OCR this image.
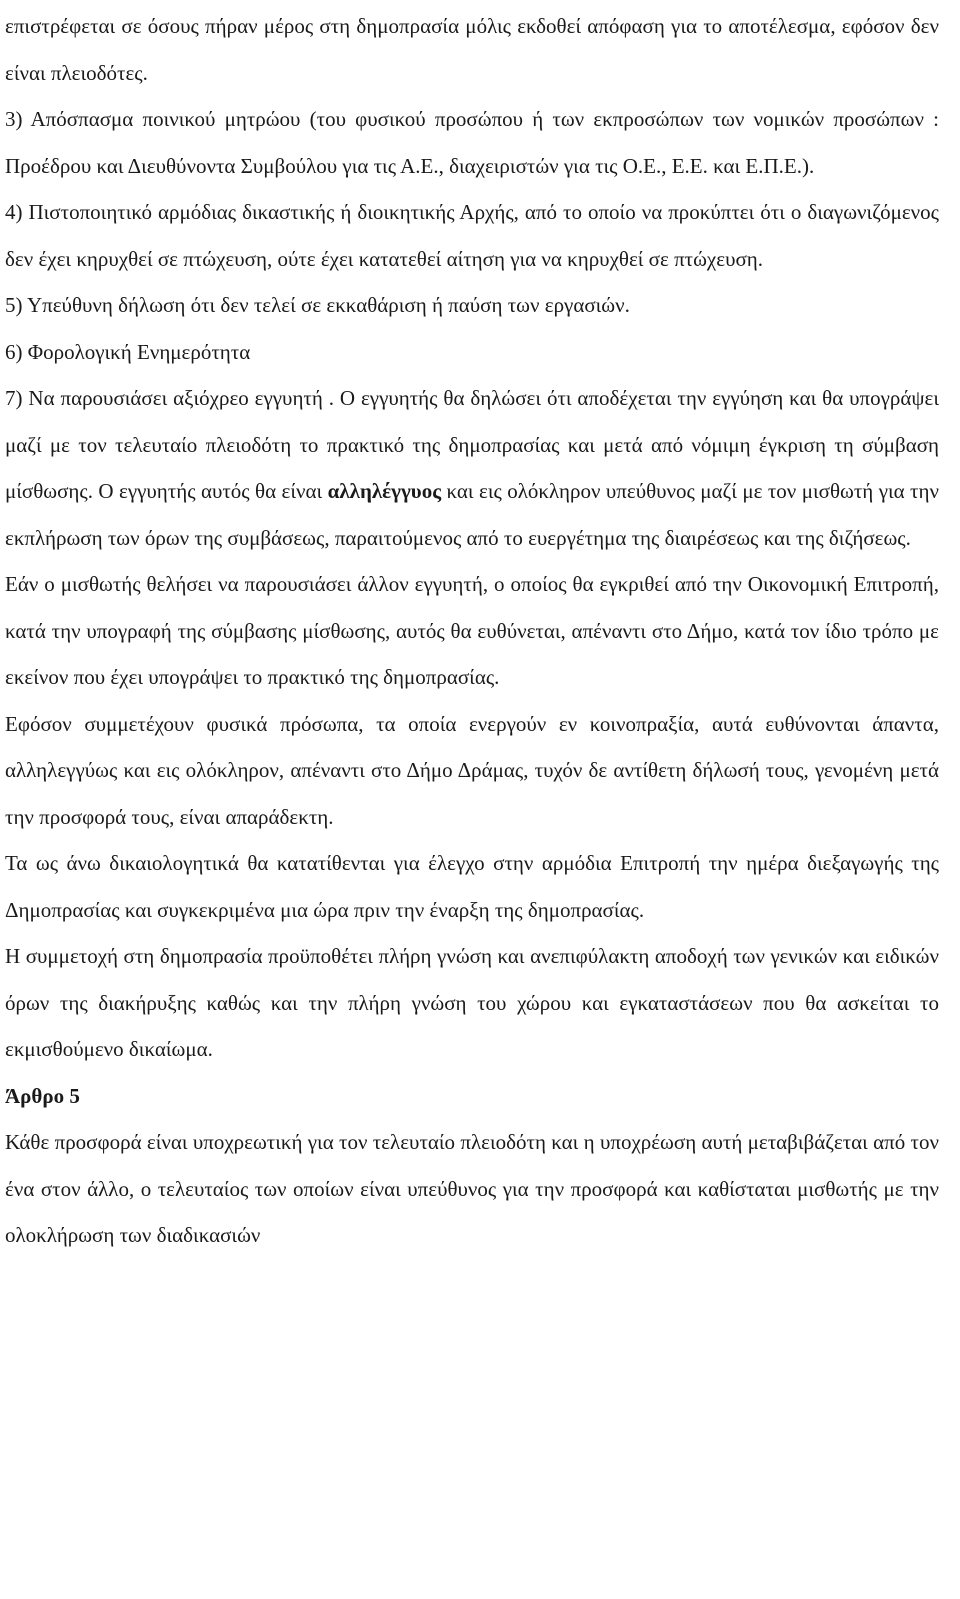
επιστρέφεται σε όσους πήραν μέρος στη δημοπρασία μόλις εκδοθεί απόφαση για το αποτέλεσμα, εφόσον δεν είναι πλειοδότες.

3) Απόσπασμα ποινικού μητρώου (του φυσικού προσώπου ή των εκπροσώπων των νομικών προσώπων : Προέδρου και Διευθύνοντα Συμβούλου για τις Α.Ε., διαχειριστών για τις Ο.Ε., Ε.Ε. και Ε.Π.Ε.).

4) Πιστοποιητικό αρμόδιας δικαστικής ή διοικητικής Αρχής, από το οποίο να προκύπτει ότι ο διαγωνιζόμενος δεν έχει κηρυχθεί σε πτώχευση, ούτε έχει κατατεθεί αίτηση για να κηρυχθεί σε πτώχευση.

5) Υπεύθυνη δήλωση ότι δεν τελεί σε εκκαθάριση ή παύση των εργασιών.

6) Φορολογική Ενημερότητα

7) Να παρουσιάσει αξιόχρεο εγγυητή . Ο εγγυητής θα δηλώσει ότι αποδέχεται την εγγύηση και θα υπογράψει μαζί με τον τελευταίο πλειοδότη το πρακτικό της δημοπρασίας και μετά από νόμιμη έγκριση τη σύμβαση μίσθωσης. Ο εγγυητής αυτός θα είναι αλληλέγγυος και εις ολόκληρον υπεύθυνος μαζί με τον μισθωτή για την εκπλήρωση των όρων της συμβάσεως, παραιτούμενος από το ευεργέτημα της διαιρέσεως και της διζήσεως.

Εάν ο μισθωτής θελήσει να παρουσιάσει άλλον εγγυητή, ο οποίος θα εγκριθεί από την Οικονομική Επιτροπή, κατά την υπογραφή της σύμβασης μίσθωσης, αυτός θα ευθύνεται, απέναντι στο Δήμο, κατά τον ίδιο τρόπο με εκείνον που έχει υπογράψει το πρακτικό της δημοπρασίας.

Εφόσον συμμετέχουν φυσικά πρόσωπα, τα οποία ενεργούν εν κοινοπραξία, αυτά ευθύνονται άπαντα, αλληλεγγύως και εις ολόκληρον, απέναντι στο Δήμο Δράμας, τυχόν δε αντίθετη δήλωσή τους, γενομένη μετά την προσφορά τους, είναι απαράδεκτη.

Τα ως άνω δικαιολογητικά θα κατατίθενται για έλεγχο στην αρμόδια Επιτροπή την ημέρα διεξαγωγής της Δημοπρασίας και συγκεκριμένα μια ώρα πριν την έναρξη της δημοπρασίας.

Η συμμετοχή στη δημοπρασία προϋποθέτει πλήρη γνώση και ανεπιφύλακτη αποδοχή των γενικών και ειδικών όρων της διακήρυξης καθώς και την πλήρη γνώση του χώρου και εγκαταστάσεων που θα ασκείται το εκμισθούμενο δικαίωμα.

Άρθρο 5

Κάθε προσφορά είναι υποχρεωτική για τον τελευταίο πλειοδότη και η υποχρέωση αυτή μεταβιβάζεται από τον ένα στον άλλο, ο τελευταίος των οποίων είναι υπεύθυνος για την προσφορά και καθίσταται μισθωτής με την ολοκλήρωση των διαδικασιών
